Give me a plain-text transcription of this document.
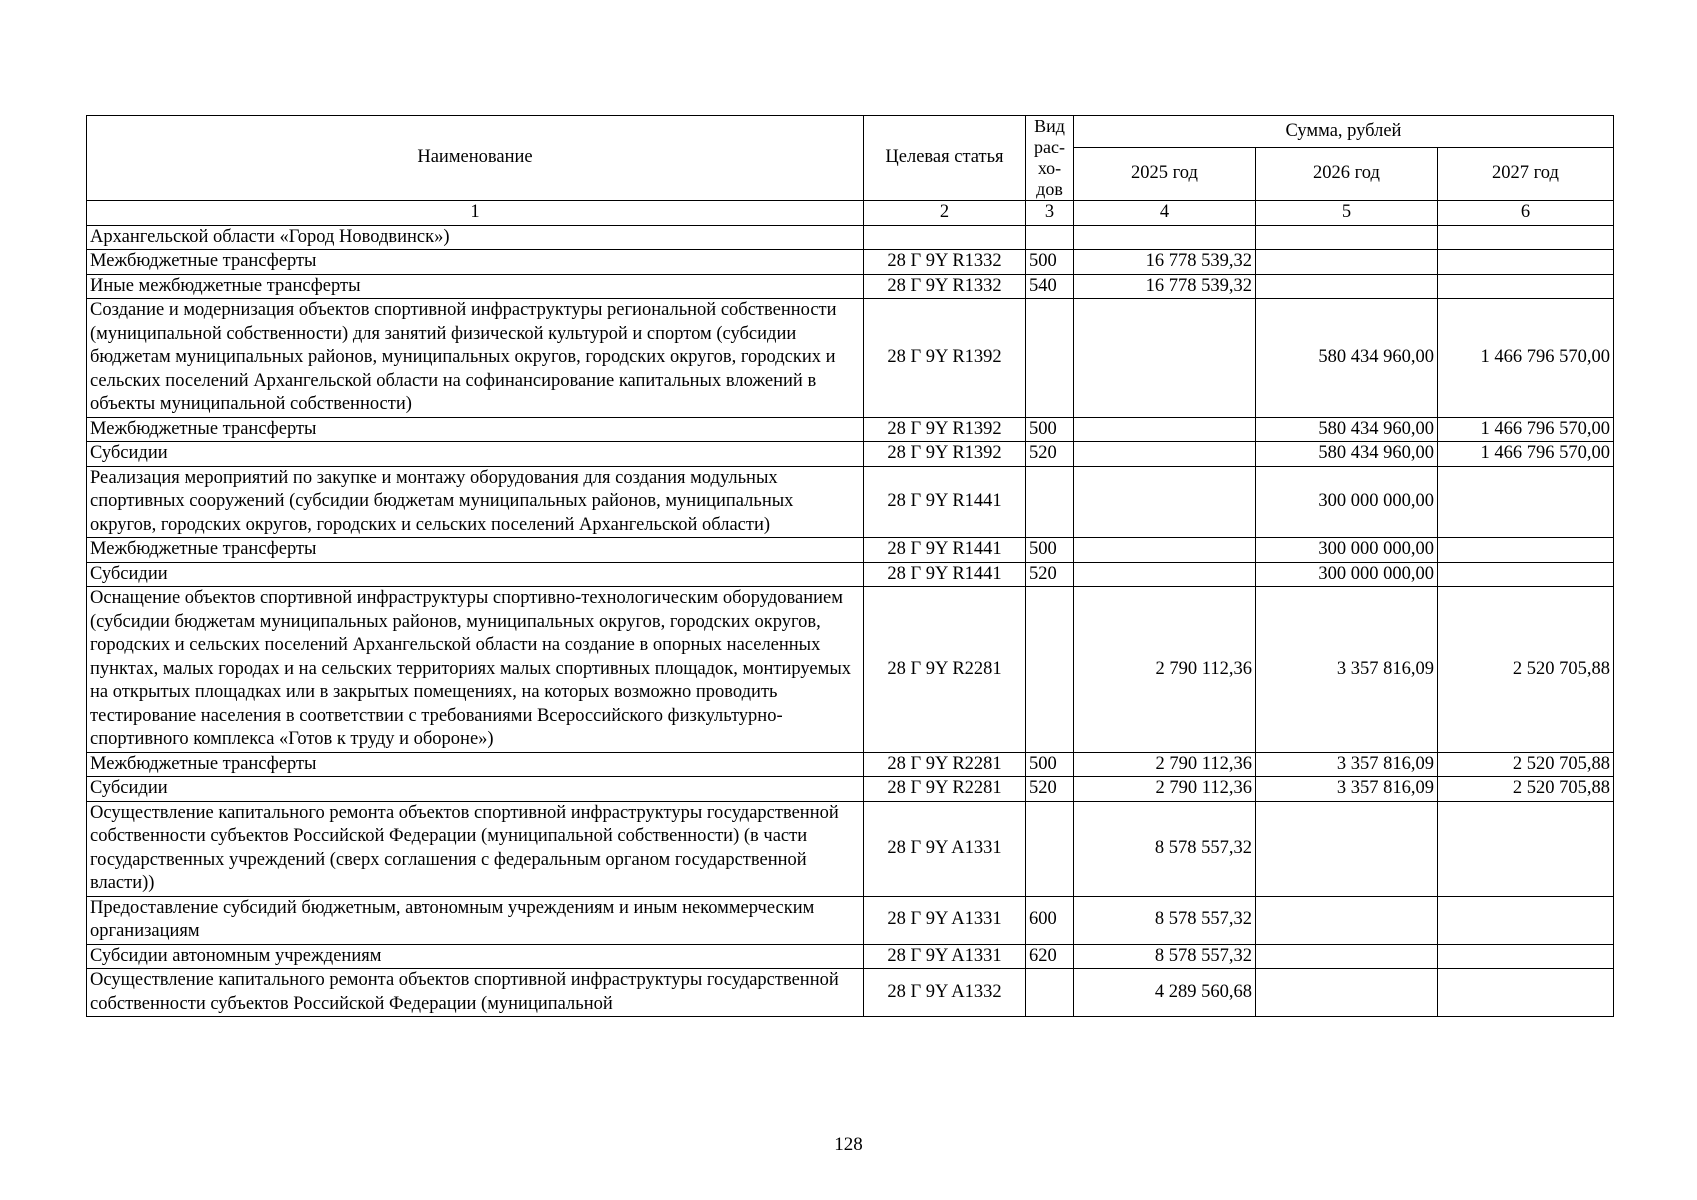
Наименование	Целевая статья	Вид рас-хо-дов	Сумма, рублей		
			2025 год	2026 год	2027 год
1	2	3	4	5	6
Архангельской области «Город Новодвинск»)					
Межбюджетные трансферты	28 Г 9Y R1332	500	16 778 539,32		
Иные межбюджетные трансферты	28 Г 9Y R1332	540	16 778 539,32		
Создание и модернизация объектов спортивной инфраструктуры региональной собственности (муниципальной собственности) для занятий физической культурой и спортом (субсидии бюджетам муниципальных районов, муниципальных округов, городских округов, городских и сельских поселений Архангельской области на софинансирование капитальных вложений в объекты муниципальной собственности)	28 Г 9Y R1392			580 434 960,00	1 466 796 570,00
Межбюджетные трансферты	28 Г 9Y R1392	500		580 434 960,00	1 466 796 570,00
Субсидии	28 Г 9Y R1392	520		580 434 960,00	1 466 796 570,00
Реализация мероприятий по закупке и монтажу оборудования для создания модульных спортивных сооружений (субсидии бюджетам муниципальных районов, муниципальных округов, городских округов, городских и сельских поселений Архангельской области)	28 Г 9Y R1441			300 000 000,00	
Межбюджетные трансферты	28 Г 9Y R1441	500		300 000 000,00	
Субсидии	28 Г 9Y R1441	520		300 000 000,00	
Оснащение объектов спортивной инфраструктуры спортивно-технологическим оборудованием (субсидии бюджетам муниципальных районов, муниципальных округов, городских округов, городских и сельских поселений Архангельской области на создание в опорных населенных пунктах, малых городах и на сельских территориях малых спортивных площадок, монтируемых на открытых площадках или в закрытых помещениях, на которых возможно проводить тестирование населения в соответствии с требованиями Всероссийского физкультурно-спортивного комплекса «Готов к труду и обороне»)	28 Г 9Y R2281		2 790 112,36	3 357 816,09	2 520 705,88
Межбюджетные трансферты	28 Г 9Y R2281	500	2 790 112,36	3 357 816,09	2 520 705,88
Субсидии	28 Г 9Y R2281	520	2 790 112,36	3 357 816,09	2 520 705,88
Осуществление капитального ремонта объектов спортивной инфраструктуры государственной собственности субъектов Российской Федерации (муниципальной собственности) (в части государственных учреждений (сверх соглашения с федеральным органом государственной власти))	28 Г 9Y A1331		8 578 557,32		
Предоставление субсидий бюджетным, автономным учреждениям и иным некоммерческим организациям	28 Г 9Y A1331	600	8 578 557,32		
Субсидии автономным учреждениям	28 Г 9Y A1331	620	8 578 557,32		
Осуществление капитального ремонта объектов спортивной инфраструктуры государственной собственности субъектов Российской Федерации (муниципальной	28 Г 9Y A1332		4 289 560,68		
128
